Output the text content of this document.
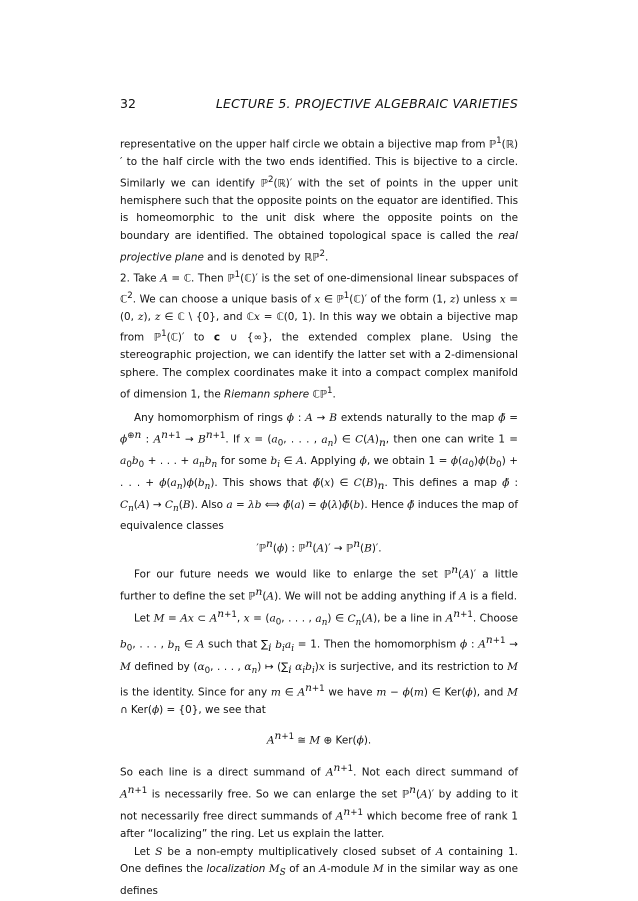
32	LECTURE 5. PROJECTIVE ALGEBRAIC VARIETIES

representative on the upper half circle we obtain a bijective map from ℙ$^1$(ℝ)′ to the half circle with the two ends identified. This is bijective to a circle. Similarly we can identify ℙ$^2$(ℝ)′ with the set of points in the upper unit hemisphere such that the opposite points on the equator are identified. This is homeomorphic to the unit disk where the opposite points on the boundary are identified. The obtained topological space is called the real projective plane and is denoted by ℝℙ$^2$.

2. Take A = ℂ. Then ℙ$^1$(ℂ)′ is the set of one-dimensional linear subspaces of ℂ$^2$. We can choose a unique basis of x ∈ ℙ$^1$(ℂ)′ of the form (1, z) unless x = (0, z), z ∈ ℂ \ {0}, and ℂx = ℂ(0, 1). In this way we obtain a bijective map from ℙ$^1$(ℂ)′ to c ∪ {∞}, the extended complex plane. Using the stereographic projection, we can identify the latter set with a 2-dimensional sphere. The complex coordinates make it into a compact complex manifold of dimension 1, the Riemann sphere ℂℙ$^1$.

Any homomorphism of rings ϕ : A → B extends naturally to the map ϕ̃ = $\phi^{\oplus n}$ : $A^{n+1} \to B^{n+1}$. If $x = (a_0$, . . . , $a_n$) ∈ $C(A)_n$, then one can write $1 = a_0b_0$ + . . . + $a_nb_n$ for some $b_i$ ∈ A. Applying ϕ, we obtain $1 = \phi(a_0)\phi(b_0)$ + . . . + $\phi(a_n)\phi(b_n)$. This shows that ϕ̃(x) ∈ $C(B)_n$. This defines a map ϕ̃ : $C_n(A) \to C_n(B)$. Also a = λb ⟺ ϕ̃(a) = ϕ(λ)ϕ̃(b). Hence ϕ̃ induces the map of equivalence classes

′ℙ$^n$(ϕ) : ℙ$^n$(A)′ → ℙ$^n$(B)′.

For our future needs we would like to enlarge the set ℙ$^n$(A)′ a little further to define the set ℙ$^n$(A). We will not be adding anything if A is a field.

Let M = Ax ⊂ $A^{n+1}$, $x = (a_0$, . . . , $a_n$) ∈ $C_n(A)$, be a line in $A^{n+1}$. Choose $b_0$, . . . , $b_n$ ∈ A such that $\sum_i$ $b_ia_i = 1$. Then the homomorphism ϕ : $A^{n+1} \to M$ defined by ($\alpha_0$, . . . , $\alpha_n$) ↦ ($\sum_i$ $\alpha_ib_i)x$ is surjective, and its restriction to M is the identity. Since for any m ∈ $A^{n+1}$ we have m − ϕ(m) ∈ Ker(ϕ), and M ∩ Ker(ϕ) = {0}, we see that

$A^{n+1}$ ≅ M ⊕ Ker(ϕ).

So each line is a direct summand of $A^{n+1}$. Not each direct summand of $A^{n+1}$ is necessarily free. So we can enlarge the set ℙ$^n$(A)′ by adding to it not necessarily free direct summands of $A^{n+1}$ which become free of rank 1 after “localizing” the ring. Let us explain the latter.

Let S be a non-empty multiplicatively closed subset of A containing 1. One defines the localization $M_S$ of an A-module M in the similar way as one defines
